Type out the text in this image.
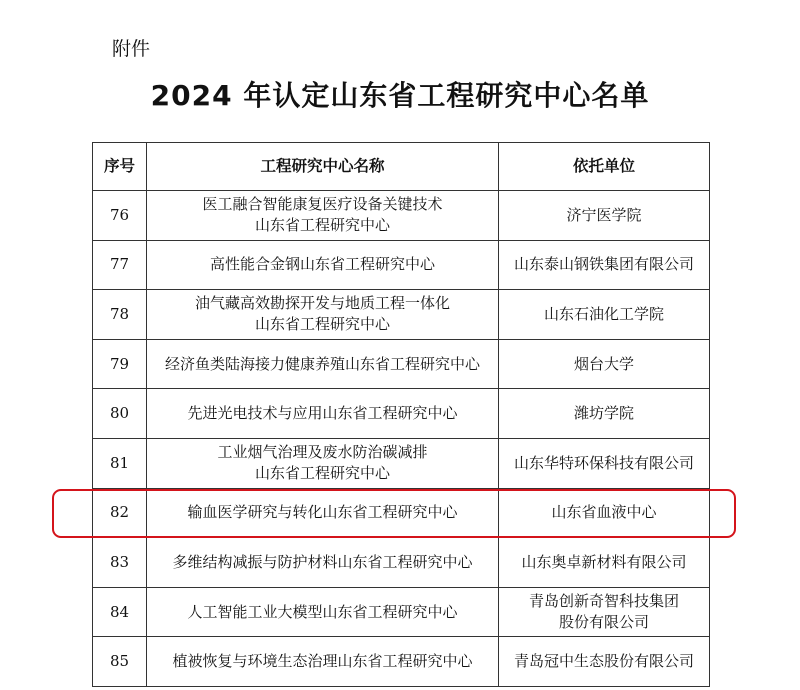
附件
2024 年认定山东省工程研究中心名单
序号	工程研究中心名称	依托单位
76	医工融合智能康复医疗设备关键技术
山东省工程研究中心	济宁医学院

77	高性能合金钢山东省工程研究中心	山东泰山钢铁集团有限公司

78	油气藏高效勘探开发与地质工程一体化
山东省工程研究中心	山东石油化工学院

79	经济鱼类陆海接力健康养殖山东省工程研究中心	烟台大学

80	先进光电技术与应用山东省工程研究中心	潍坊学院

81	工业烟气治理及废水防治碳减排
山东省工程研究中心	山东华特环保科技有限公司

82	输血医学研究与转化山东省工程研究中心	山东省血液中心

83	多维结构减振与防护材料山东省工程研究中心	山东奥卓新材料有限公司

84	人工智能工业大模型山东省工程研究中心	青岛创新奇智科技集团
股份有限公司

85	植被恢复与环境生态治理山东省工程研究中心	青岛冠中生态股份有限公司
